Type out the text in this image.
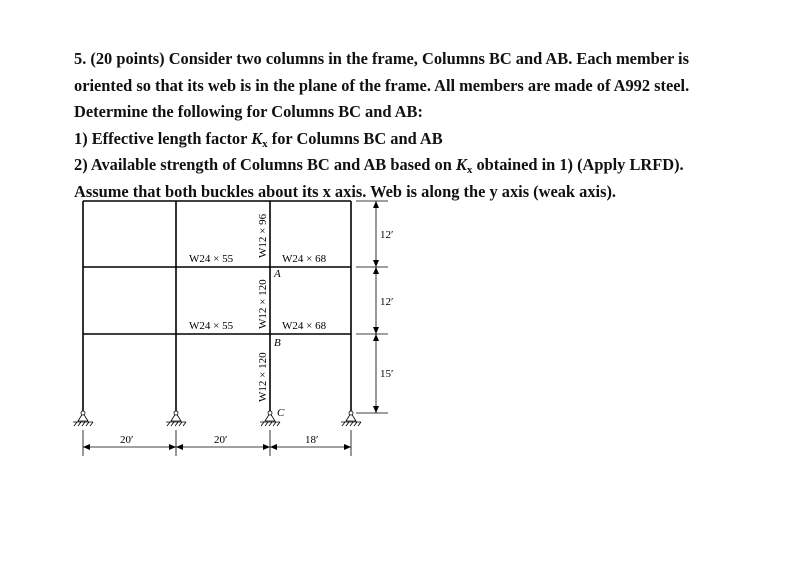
5. (20 points) Consider two columns in the frame, Columns BC and AB. Each member is

oriented so that its web is in the plane of the frame. All members are made of A992 steel.

Determine the following for Columns BC and AB:

1) Effective length factor $K_x$ for Columns BC and AB

2) Available strength of Columns BC and AB based on $K_x$ obtained in 1) (Apply LRFD).

Assume that both buckles about its x axis. Web is along the y axis (weak axis).

W24 × 55	W24 × 68
W24 × 55	W24 × 68
W12 × 96
W12 × 120
W12 × 120
A
B
C
12′
12′
15′
20′	20′	18′
